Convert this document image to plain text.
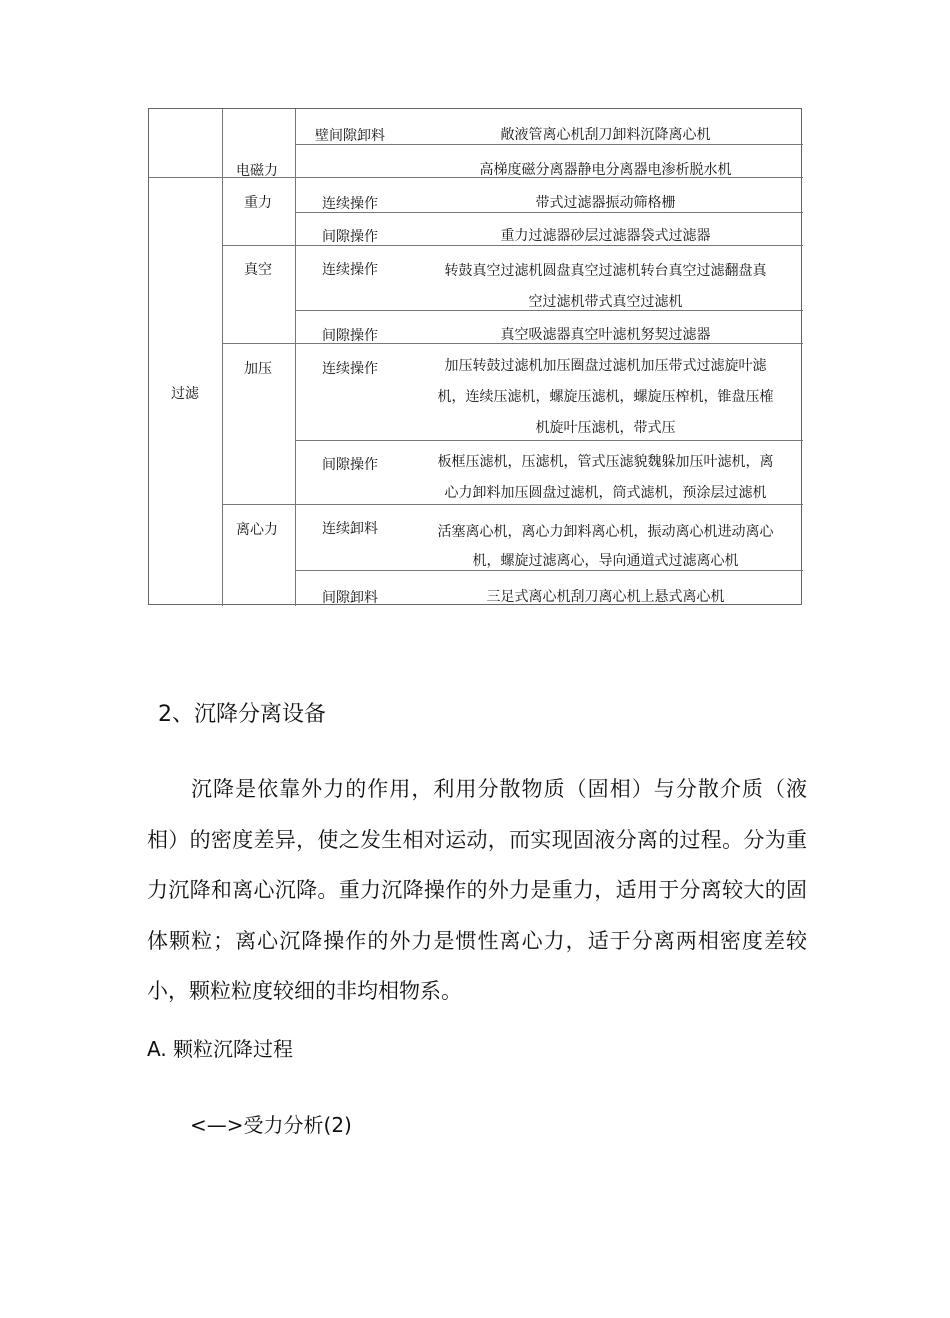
过滤
电磁力
重力
真空
加压
离心力
壁间隙卸料
连续操作
间隙操作
连续操作
间隙操作
连续操作
间隙操作
连续卸料
间隙卸料
敞液管离心机刮刀卸料沉降离心机
高梯度磁分离器静电分离器电渗析脱水机
带式过滤器振动筛格栅
重力过滤器砂层过滤器袋式过滤器
转鼓真空过滤机圆盘真空过滤机转台真空过滤翻盘真
空过滤机带式真空过滤机
真空吸滤器真空叶滤机努契过滤器
加压转鼓过滤机加压圈盘过滤机加压带式过滤旋叶滤
机，连续压滤机，螺旋压滤机，螺旋压榨机，锥盘压榷
机旋叶压滤机，带式压
板框压滤机，压滤机，管式压滤貌魏躲加压叶滤机，离
心力卸料加压圆盘过滤机，筒式滤机，预涂层过滤机
活塞离心机，离心力卸料离心机，振动离心机进动离心
机，螺旋过滤离心，导向通道式过滤离心机
三足式离心机刮刀离心机上悬式离心机
2、沉降分离设备
沉降是依靠外力的作用，利用分散物质（固相）与分散介质（液相）的密度差异，使之发生相对运动，而实现固液分离的过程。分为重力沉降和离心沉降。重力沉降操作的外力是重力，适用于分离较大的固体颗粒；离心沉降操作的外力是惯性离心力，适于分离两相密度差较小，颗粒粒度较细的非均相物系。
A. 颗粒沉降过程
<—>受力分析(2)
